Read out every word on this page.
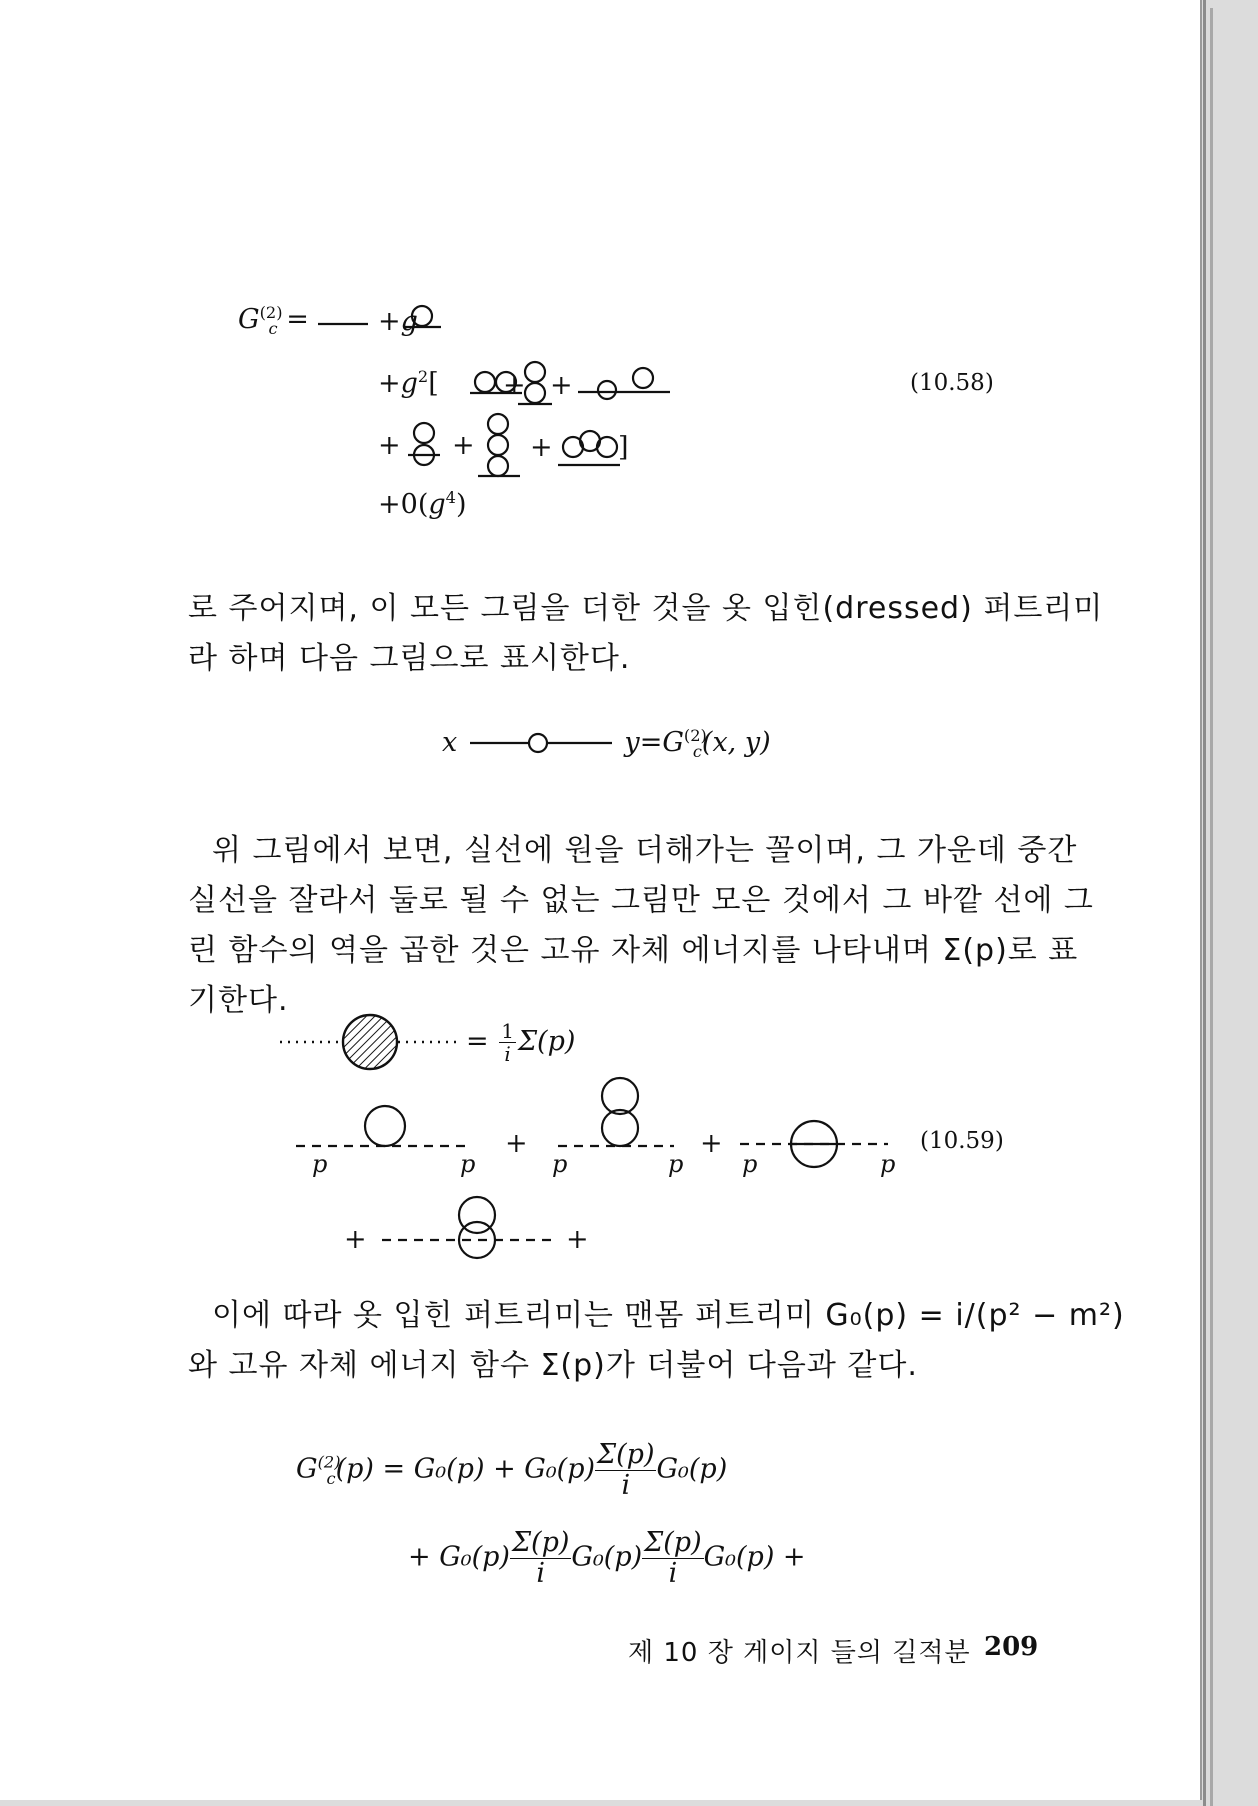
$G^{(2)}_c$ =	+g
$+g^2$[ + +
+ + + ]
$+0(g^4)$
(10.58)
로 주어지며, 이 모든 그림을 더한 것을 옷 입힌(dressed) 퍼트리미
라 하며 다음 그림으로 표시한다.
x	$y=G^{(2)}_c(x$, y)
위 그림에서 보면, 실선에 원을 더해가는 꼴이며, 그 가운데 중간
실선을 잘라서 둘로 될 수 없는 그림만 모은 것에서 그 바깥 선에 그
린 함수의 역을 곱한 것은 고유 자체 에너지를 나타내며 Σ(p)로 표
기한다.
= $\frac{1}{i} \Sigma(p)$
p	p
+
p	p
+
p	p
(10.59)
+	+
이에 따라 옷 입힌 퍼트리미는 맨몸 퍼트리미 G₀(p) = i/(p² − m²)
와 고유 자체 에너지 함수 Σ(p)가 더불어 다음과 같다.
$G^{(2)}_c(p) = G_0(p) + G_0(p) \frac{\Sigma(p)}{i} G_0(p)$
+ $G_0(p) \frac{\Sigma(p)}{i} G_0(p) \frac{\Sigma(p)}{i} G_0(p)$ +
제 10 장 게이지 들의 길적분 209
